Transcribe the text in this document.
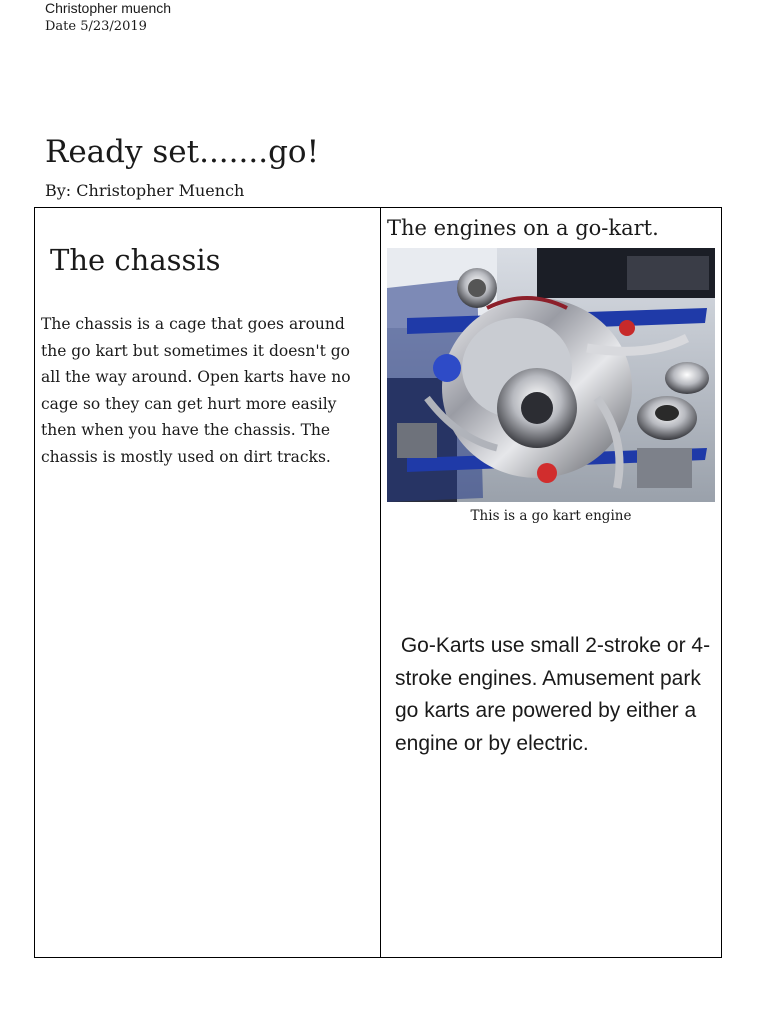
Christopher muench
Date 5/23/2019
Ready set.......go!
By: Christopher Muench
The chassis

The chassis is a cage that goes around the go kart but sometimes it doesn't go all the way around. Open karts have no cage so they can get hurt more easily then when you have the chassis. The chassis is mostly used on dirt tracks.

The engines on a go-kart.
This is a go kart engine

Go-Karts use small 2-stroke or 4-stroke engines. Amusement park go karts are powered by either a engine or by electric.
